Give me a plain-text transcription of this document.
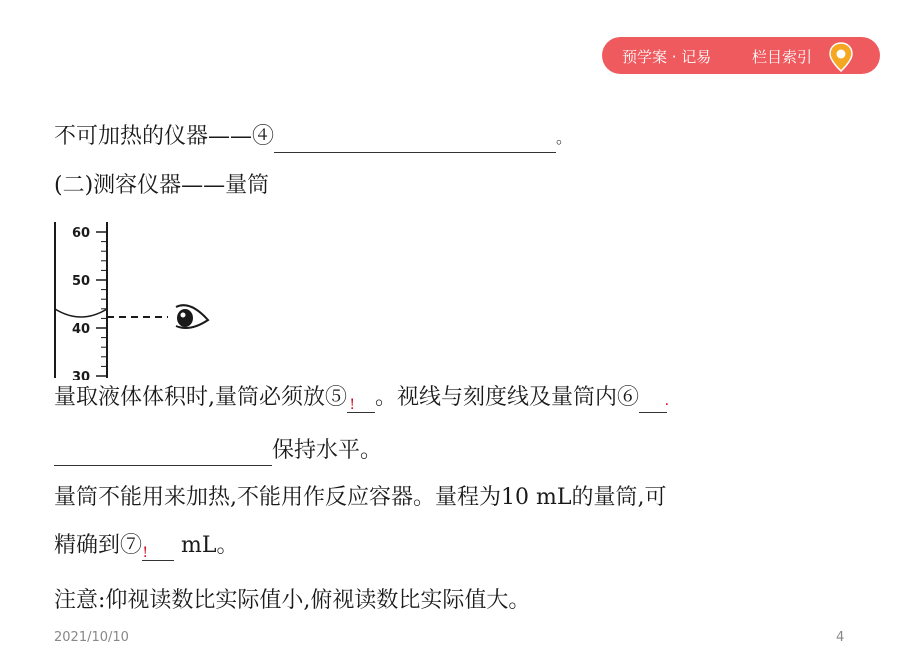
预学案 · 记易	栏目索引
不可加热的仪器——④	。
(二)测容仪器——量筒
60
50
40
30
量取液体体积时,量筒必须放⑤ ! 。视线与刻度线及量筒内⑥ ·
保持水平。
量筒不能用来加热,不能用作反应容器。量程为10 mL的量筒,可
精确到⑦ ! mL。
注意:仰视读数比实际值小,俯视读数比实际值大。
2021/10/10	4
